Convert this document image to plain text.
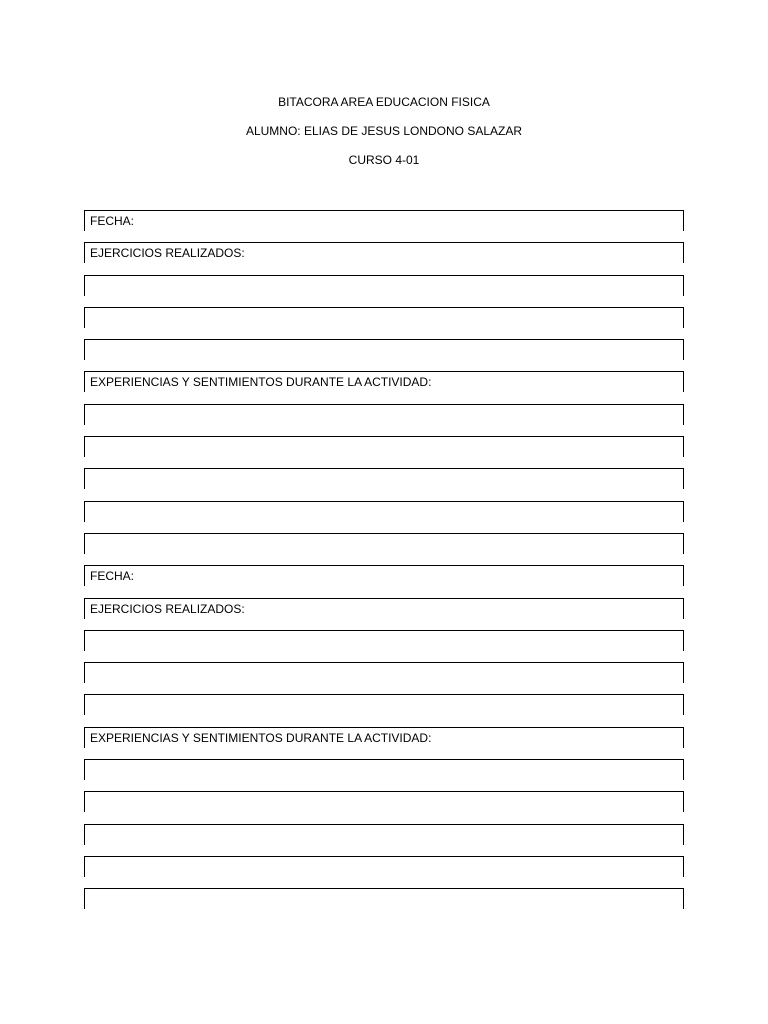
BITACORA AREA EDUCACION FISICA
ALUMNO: ELIAS DE JESUS LONDONO SALAZAR
CURSO 4-01
FECHA:
EJERCICIOS REALIZADOS:
EXPERIENCIAS Y SENTIMIENTOS DURANTE LA ACTIVIDAD:
FECHA:
EJERCICIOS REALIZADOS:
EXPERIENCIAS Y SENTIMIENTOS DURANTE LA ACTIVIDAD:
